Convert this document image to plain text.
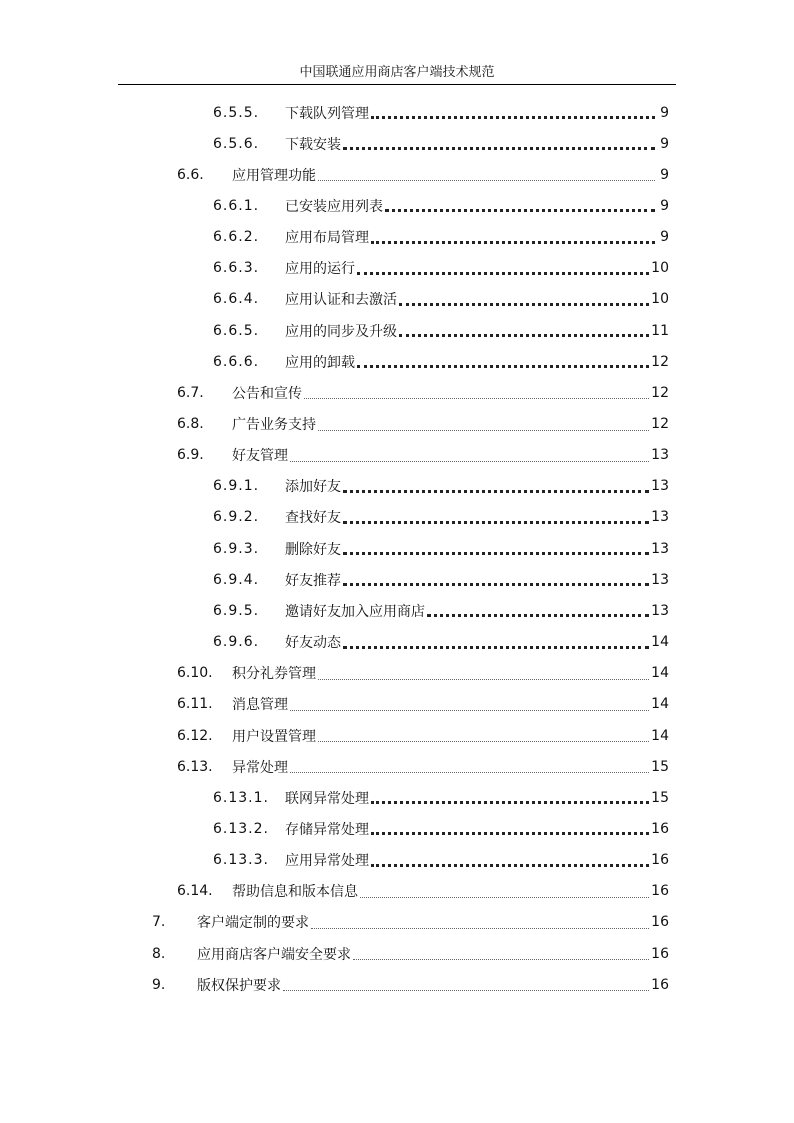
中国联通应用商店客户端技术规范
6.5.5.	下载队列管理	9
6.5.6.	下载安装	9
6.6.	应用管理功能	9
6.6.1.	已安装应用列表	9
6.6.2.	应用布局管理	9
6.6.3.	应用的运行	10
6.6.4.	应用认证和去激活	10
6.6.5.	应用的同步及升级	11
6.6.6.	应用的卸载	12
6.7.	公告和宣传	12
6.8.	广告业务支持	12
6.9.	好友管理	13
6.9.1.	添加好友	13
6.9.2.	查找好友	13
6.9.3.	删除好友	13
6.9.4.	好友推荐	13
6.9.5.	邀请好友加入应用商店	13
6.9.6.	好友动态	14
6.10.	积分礼券管理	14
6.11.	消息管理	14
6.12.	用户设置管理	14
6.13.	异常处理	15
6.13.1.	联网异常处理	15
6.13.2.	存储异常处理	16
6.13.3.	应用异常处理	16
6.14.	帮助信息和版本信息	16
7.	客户端定制的要求	16
8.	应用商店客户端安全要求	16
9.	版权保护要求	16
